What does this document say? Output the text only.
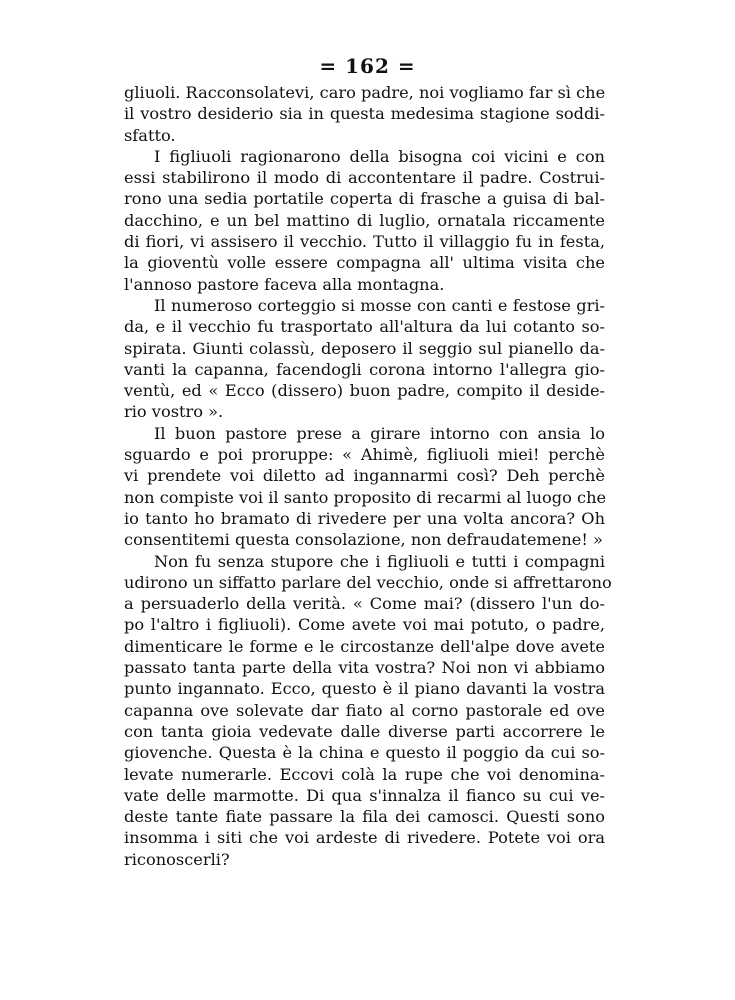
= 162 =
gliuoli. Racconsolatevi, caro padre, noi vogliamo far sì che
il vostro desiderio sia in questa medesima stagione soddi-
sfatto.
I figliuoli ragionarono della bisogna coi vicini e con
essi stabilirono il modo di accontentare il padre. Costrui-
rono una sedia portatile coperta di frasche a guisa di bal-
dacchino, e un bel mattino di luglio, ornatala riccamente
di fiori, vi assisero il vecchio. Tutto il villaggio fu in festa,
la gioventù volle essere compagna all' ultima visita che
l'annoso pastore faceva alla montagna.
Il numeroso corteggio si mosse con canti e festose gri-
da, e il vecchio fu trasportato all'altura da lui cotanto so-
spirata. Giunti colassù, deposero il seggio sul pianello da-
vanti la capanna, facendogli corona intorno l'allegra gio-
ventù, ed « Ecco (dissero) buon padre, compito il deside-
rio vostro ».
Il buon pastore prese a girare intorno con ansia lo
sguardo e poi proruppe: « Ahimè, figliuoli miei! perchè
vi prendete voi diletto ad ingannarmi così? Deh perchè
non compiste voi il santo proposito di recarmi al luogo che
io tanto ho bramato di rivedere per una volta ancora? Oh
consentitemi questa consolazione, non defraudatemene! »
Non fu senza stupore che i figliuoli e tutti i compagni
udirono un siffatto parlare del vecchio, onde si affrettarono
a persuaderlo della verità. « Come mai? (dissero l'un do-
po l'altro i figliuoli). Come avete voi mai potuto, o padre,
dimenticare le forme e le circostanze dell'alpe dove avete
passato tanta parte della vita vostra? Noi non vi abbiamo
punto ingannato. Ecco, questo è il piano davanti la vostra
capanna ove solevate dar fiato al corno pastorale ed ove
con tanta gioia vedevate dalle diverse parti accorrere le
giovenche. Questa è la china e questo il poggio da cui so-
levate numerarle. Eccovi colà la rupe che voi denomina-
vate delle marmotte. Di qua s'innalza il fianco su cui ve-
deste tante fiate passare la fila dei camosci. Questi sono
insomma i siti che voi ardeste di rivedere. Potete voi ora
riconoscerli?
